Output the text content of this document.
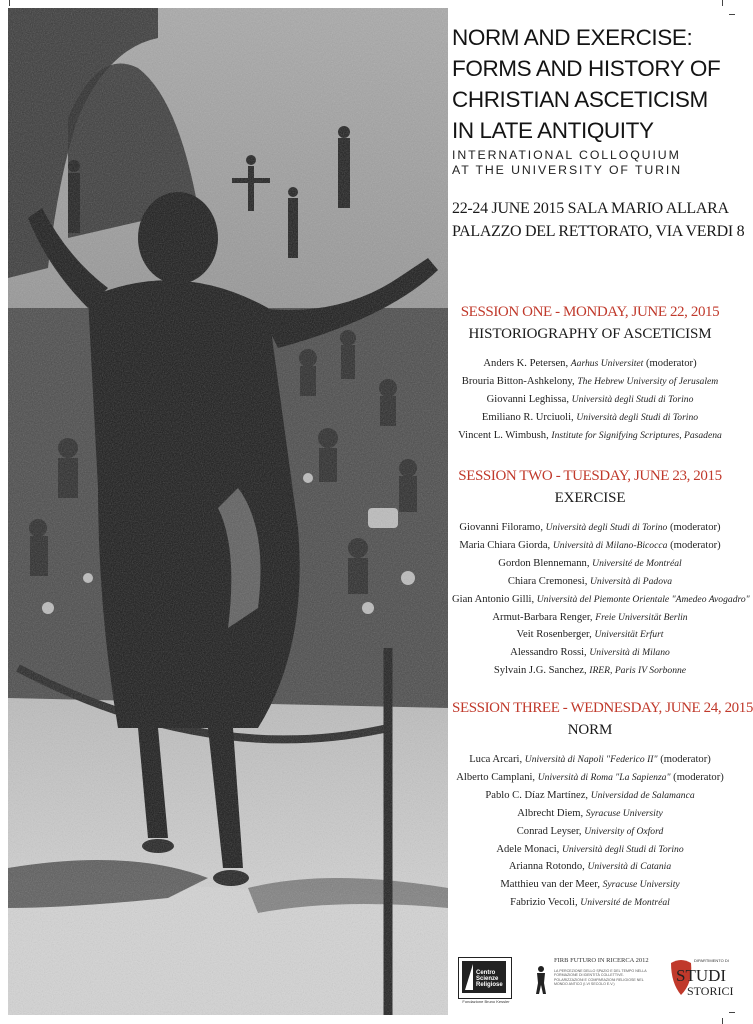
NORM AND EXERCISE:
FORMS AND HISTORY OF
CHRISTIAN ASCETICISM
IN LATE ANTIQUITY
INTERNATIONAL COLLOQUIUM
AT THE UNIVERSITY OF TURIN
22-24 JUNE 2015 SALA MARIO ALLARA
PALAZZO DEL RETTORATO, VIA VERDI 8
SESSION ONE - MONDAY, JUNE 22, 2015
HISTORIOGRAPHY OF ASCETICISM
Anders K. Petersen, Aarhus Universitet (moderator)
Brouria Bitton-Ashkelony, The Hebrew University of Jerusalem
Giovanni Leghissa, Università degli Studi di Torino
Emiliano R. Urciuoli, Università degli Studi di Torino
Vincent L. Wimbush, Institute for Signifying Scriptures, Pasadena
SESSION TWO - TUESDAY, JUNE 23, 2015
EXERCISE
Giovanni Filoramo, Università degli Studi di Torino (moderator)
Maria Chiara Giorda, Università di Milano-Bicocca (moderator)
Gordon Blennemann, Université de Montréal
Chiara Cremonesi, Università di Padova
Gian Antonio Gilli, Università del Piemonte Orientale "Amedeo Avogadro"
Armut-Barbara Renger, Freie Universität Berlin
Veit Rosenberger, Universität Erfurt
Alessandro Rossi, Università di Milano
Sylvain J.G. Sanchez, IRER, Paris IV Sorbonne
SESSION THREE - WEDNESDAY, JUNE 24, 2015
NORM
Luca Arcari, Università di Napoli "Federico II" (moderator)
Alberto Camplani, Università di Roma "La Sapienza" (moderator)
Pablo C. Díaz Martínez, Universidad de Salamanca
Albrecht Diem, Syracuse University
Conrad Leyser, University of Oxford
Adele Monaci, Università degli Studi di Torino
Arianna Rotondo, Università di Catania
Matthieu van der Meer, Syracuse University
Fabrizio Vecoli, Université de Montréal
Centro Scienze Religiose
Fondazione Bruno Kessler
FIRB FUTURO IN RICERCA 2012
LA PERCEZIONE DELLO SPAZIO E DEL TEMPO NELLA FORMAZIONE DI IDENTITÀ COLLETTIVE. POLARIZZAZIONI E COMPARAZIONI RELIGIOSE NEL MONDO ANTICO (I-VI SECOLO E.V.)
DIPARTIMENTO DI
STUDI
STORICI
